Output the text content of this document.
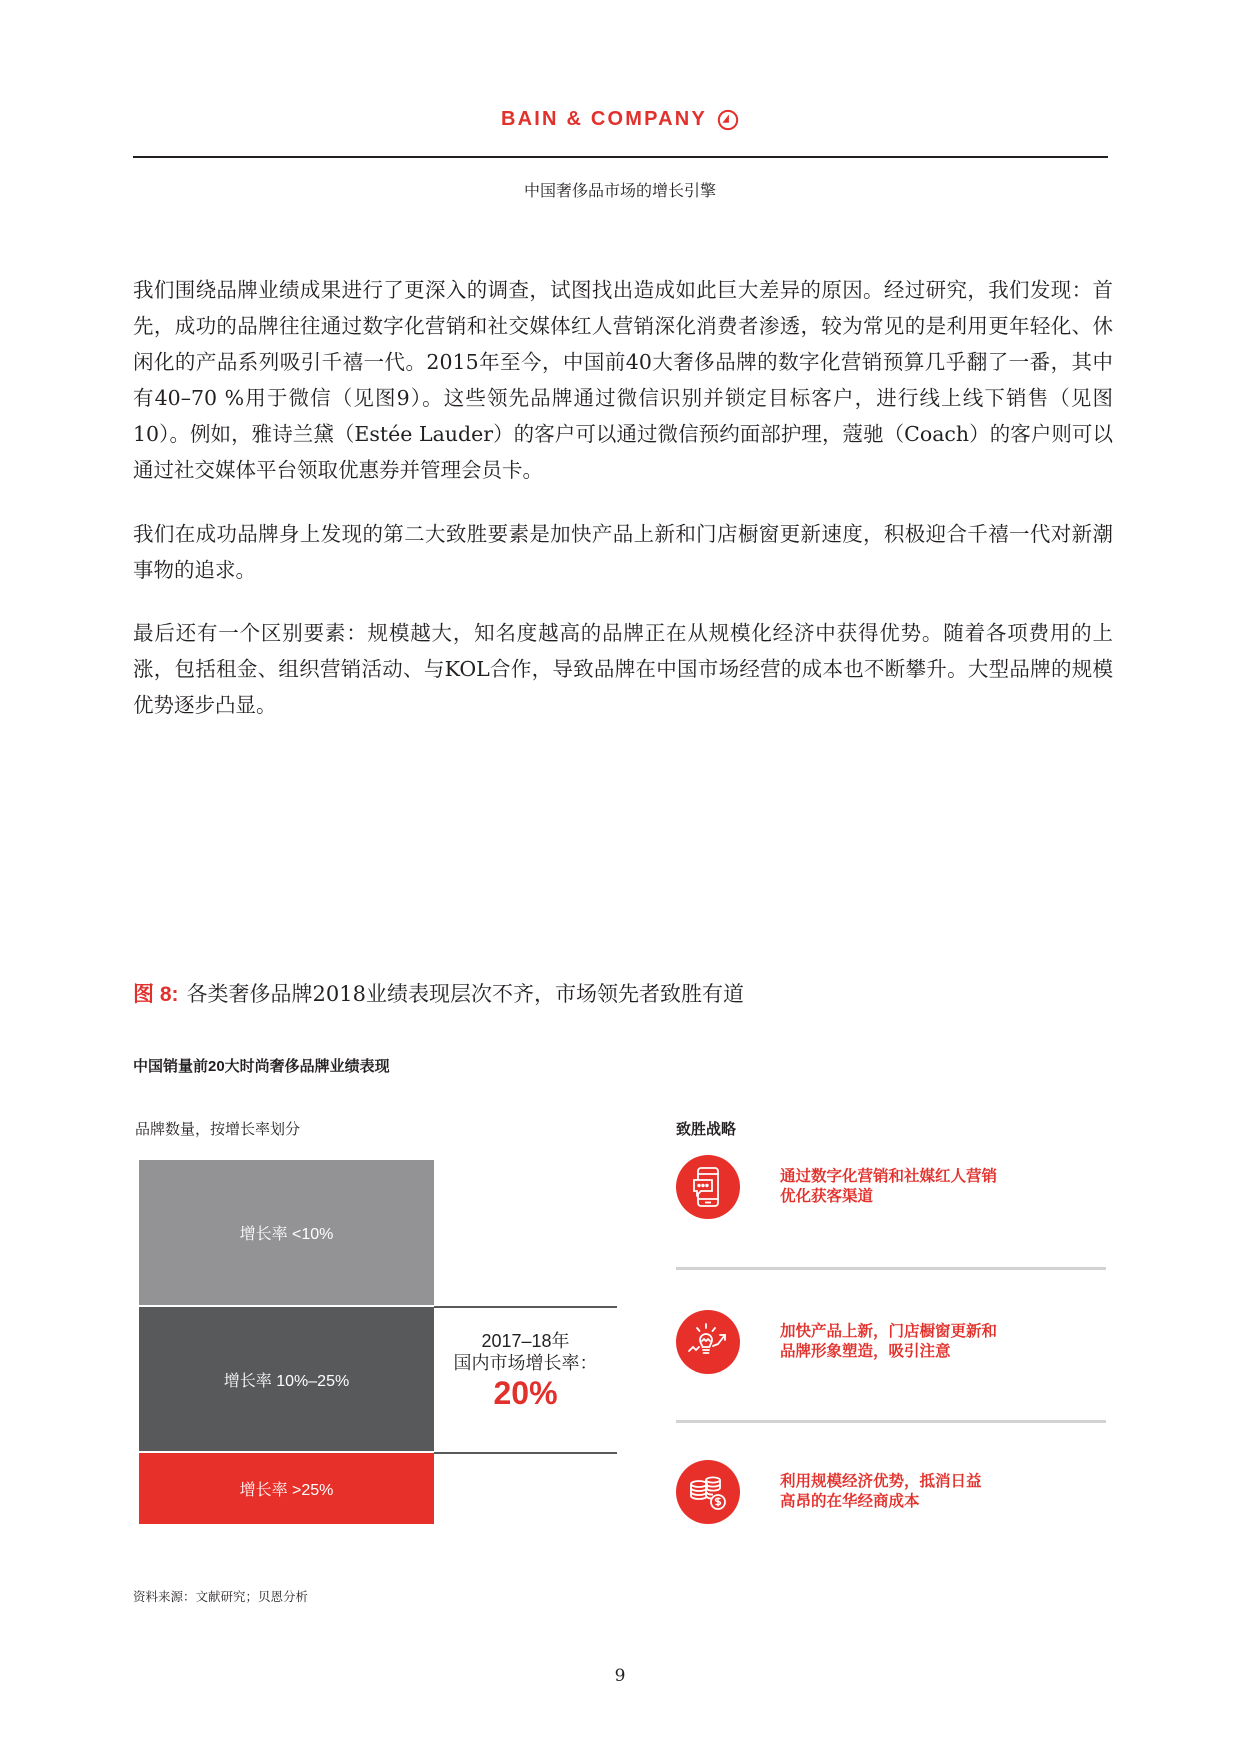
BAIN & COMPANY
中国奢侈品市场的增长引擎

我们围绕品牌业绩成果进行了更深入的调查，试图找出造成如此巨大差异的原因。经过研究，我们发现：首先，成功的品牌往往通过数字化营销和社交媒体红人营销深化消费者渗透，较为常见的是利用更年轻化、休闲化的产品系列吸引千禧一代。2015年至今，中国前40大奢侈品牌的数字化营销预算几乎翻了一番，其中有40–70 %用于微信（见图9）。这些领先品牌通过微信识别并锁定目标客户，进行线上线下销售（见图10）。例如，雅诗兰黛（Estée Lauder）的客户可以通过微信预约面部护理，蔻驰（Coach）的客户则可以通过社交媒体平台领取优惠券并管理会员卡。

我们在成功品牌身上发现的第二大致胜要素是加快产品上新和门店橱窗更新速度，积极迎合千禧一代对新潮事物的追求。

最后还有一个区别要素：规模越大，知名度越高的品牌正在从规模化经济中获得优势。随着各项费用的上涨，包括租金、组织营销活动、与KOL合作，导致品牌在中国市场经营的成本也不断攀升。大型品牌的规模优势逐步凸显。

图 8: 各类奢侈品牌2018业绩表现层次不齐，市场领先者致胜有道
中国销量前20大时尚奢侈品牌业绩表现
品牌数量，按增长率划分	致胜战略
增长率 <10%
增长率 10%–25%
增长率 >25%
2017–18年
国内市场增长率：
20%
通过数字化营销和社媒红人营销
优化获客渠道
加快产品上新，门店橱窗更新和
品牌形象塑造，吸引注意
利用规模经济优势，抵消日益
高昂的在华经商成本
资料来源：文献研究；贝恩分析
9
